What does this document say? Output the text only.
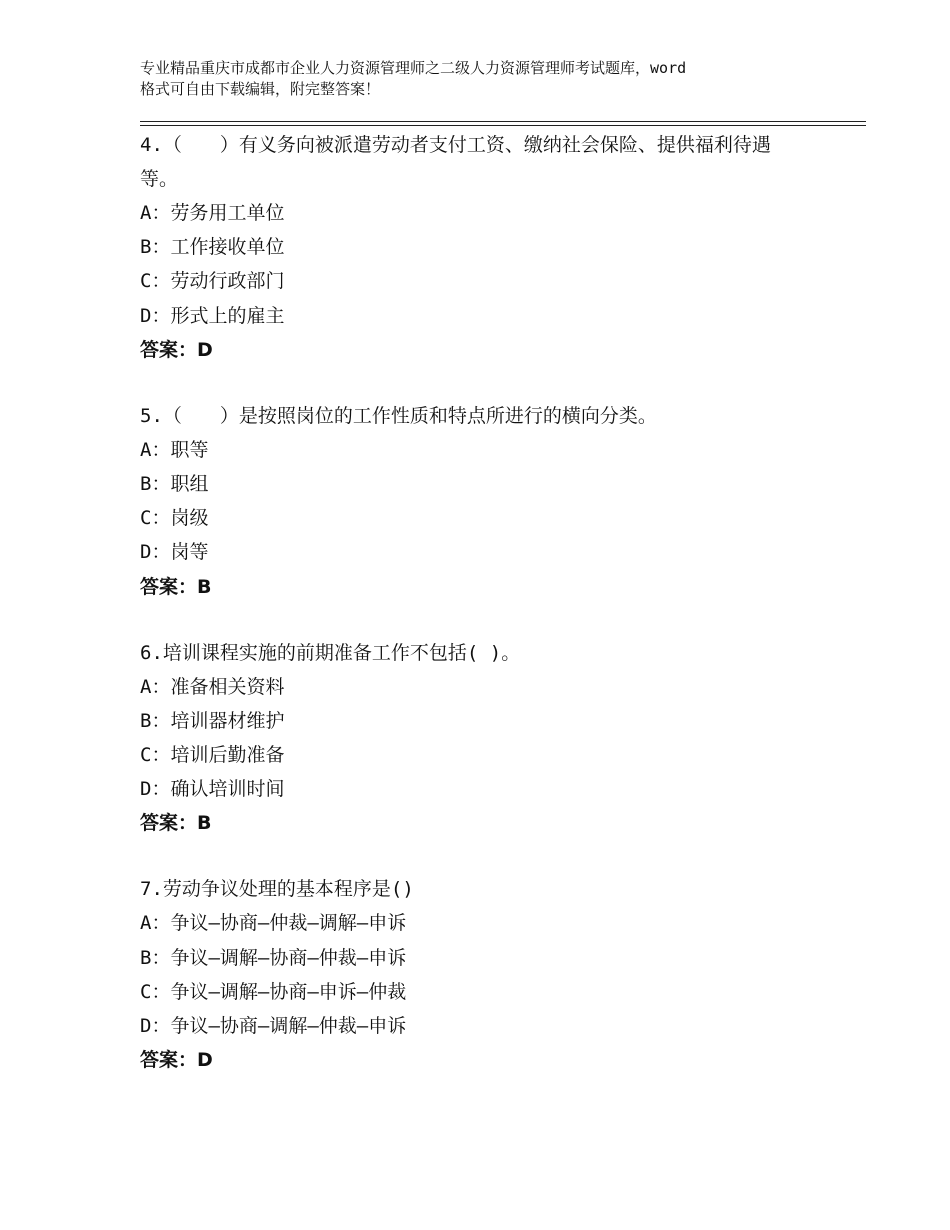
专业精品重庆市成都市企业人力资源管理师之二级人力资源管理师考试题库，word
格式可自由下载编辑，附完整答案！
4.（　　）有义务向被派遣劳动者支付工资、缴纳社会保险、提供福利待遇等。
A：劳务用工单位
B：工作接收单位
C：劳动行政部门
D：形式上的雇主
答案：D
5.（　　）是按照岗位的工作性质和特点所进行的横向分类。
A：职等
B：职组
C：岗级
D：岗等
答案：B
6.培训课程实施的前期准备工作不包括( )。
A：准备相关资料
B：培训器材维护
C：培训后勤准备
D：确认培训时间
答案：B
7.劳动争议处理的基本程序是()
A：争议—协商—仲裁—调解—申诉
B：争议—调解—协商—仲裁—申诉
C：争议—调解—协商—申诉—仲裁
D：争议—协商—调解—仲裁—申诉
答案：D
